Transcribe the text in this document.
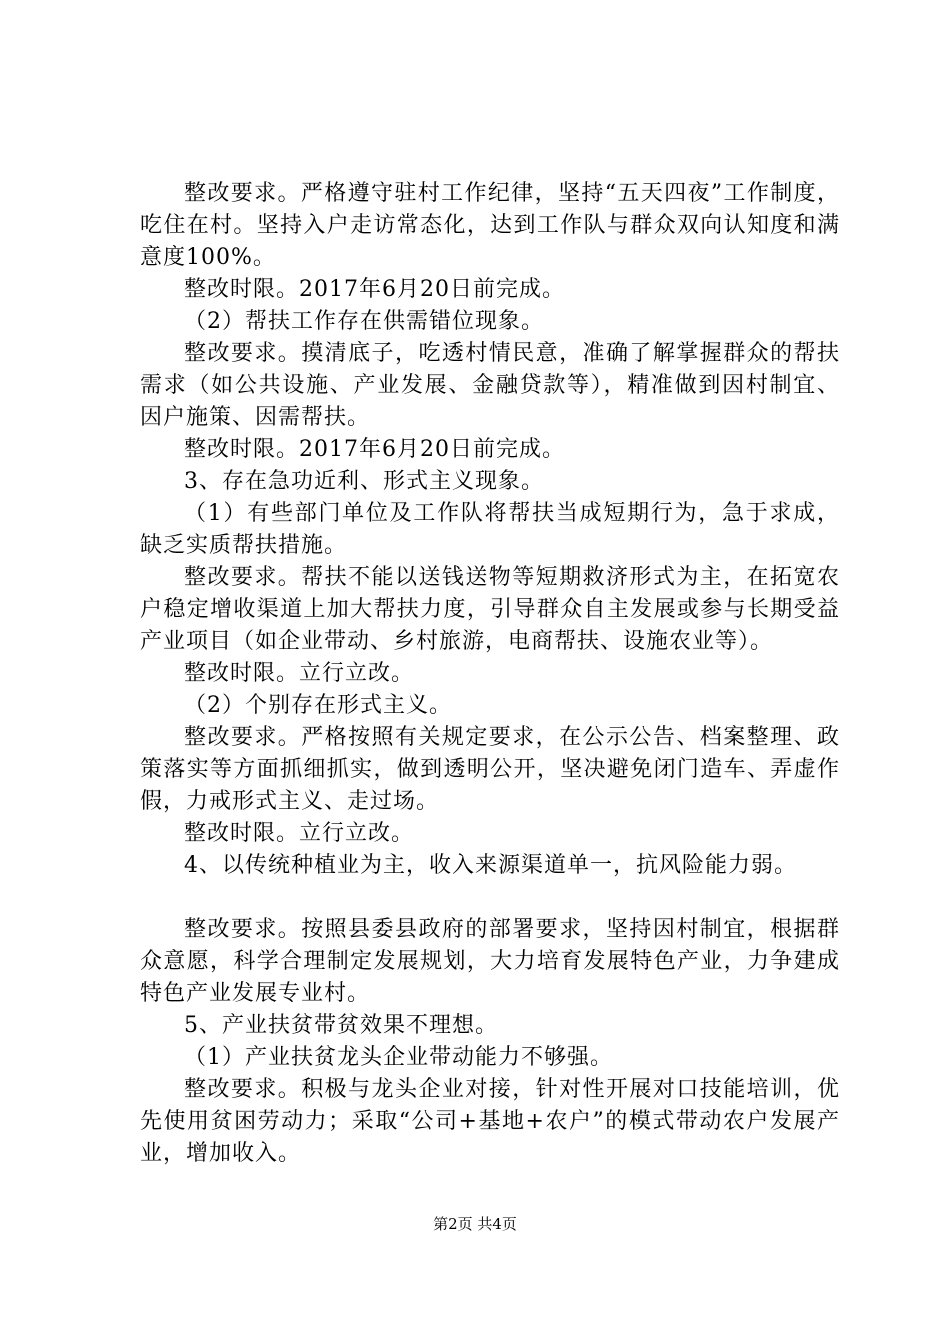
整改要求。严格遵守驻村工作纪律，坚持“五天四夜”工作制度，吃住在村。坚持入户走访常态化，达到工作队与群众双向认知度和满意度100%。

整改时限。2017年6月20日前完成。

（2）帮扶工作存在供需错位现象。

整改要求。摸清底子，吃透村情民意，准确了解掌握群众的帮扶需求（如公共设施、产业发展、金融贷款等），精准做到因村制宜、因户施策、因需帮扶。

整改时限。2017年6月20日前完成。

3、存在急功近利、形式主义现象。

（1）有些部门单位及工作队将帮扶当成短期行为，急于求成，缺乏实质帮扶措施。

整改要求。帮扶不能以送钱送物等短期救济形式为主，在拓宽农户稳定增收渠道上加大帮扶力度，引导群众自主发展或参与长期受益产业项目（如企业带动、乡村旅游，电商帮扶、设施农业等）。

整改时限。立行立改。

（2）个别存在形式主义。

整改要求。严格按照有关规定要求，在公示公告、档案整理、政策落实等方面抓细抓实，做到透明公开，坚决避免闭门造车、弄虚作假，力戒形式主义、走过场。

整改时限。立行立改。

4、以传统种植业为主，收入来源渠道单一，抗风险能力弱。

整改要求。按照县委县政府的部署要求，坚持因村制宜，根据群众意愿，科学合理制定发展规划，大力培育发展特色产业，力争建成特色产业发展专业村。

5、产业扶贫带贫效果不理想。

（1）产业扶贫龙头企业带动能力不够强。

整改要求。积极与龙头企业对接，针对性开展对口技能培训，优先使用贫困劳动力；采取“公司+基地+农户”的模式带动农户发展产业，增加收入。

第2页 共4页
